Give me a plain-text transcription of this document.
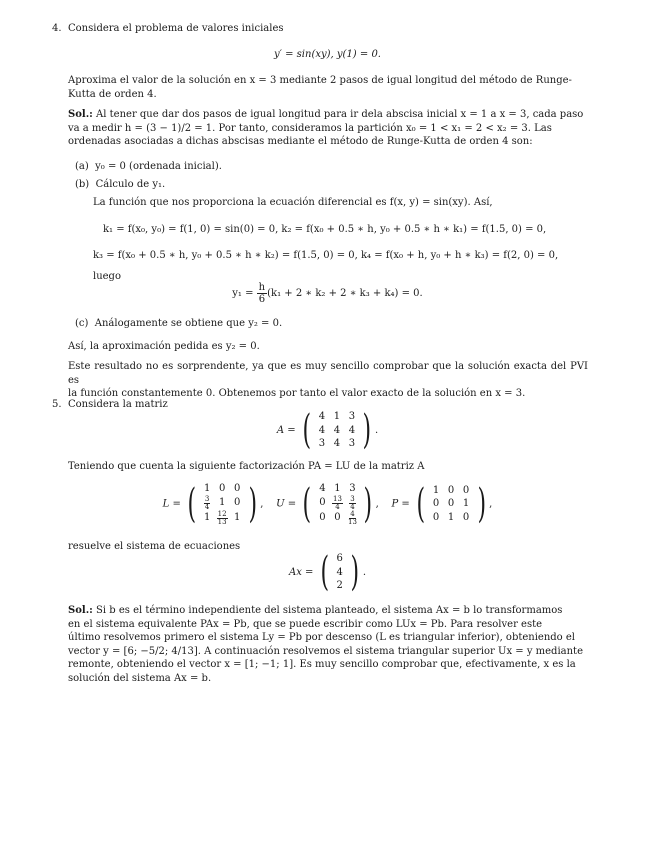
4. Considera el problema de valores iniciales
y′ = sin(xy), y(1) = 0.
Aproxima el valor de la solución en x = 3 mediante 2 pasos de igual longitud del método de Runge-
Kutta de orden 4.
Sol.: Al tener que dar dos pasos de igual longitud para ir dela abscisa inicial x = 1 a x = 3, cada paso
va a medir h = (3 − 1)/2 = 1. Por tanto, consideramos la partición x₀ = 1 < x₁ = 2 < x₂ = 3. Las
ordenadas asociadas a dichas abscisas mediante el método de Runge-Kutta de orden 4 son:
(a) y₀ = 0 (ordenada inicial).
(b) Cálculo de y₁.
La función que nos proporciona la ecuación diferencial es f(x, y) = sin(xy). Así,
k₁ = f(x₀, y₀) = f(1, 0) = sin(0) = 0, k₂ = f(x₀ + 0.5 ∗ h, y₀ + 0.5 ∗ h ∗ k₁) = f(1.5, 0) = 0,
k₃ = f(x₀ + 0.5 ∗ h, y₀ + 0.5 ∗ h ∗ k₂) = f(1.5, 0) = 0, k₄ = f(x₀ + h, y₀ + h ∗ k₃) = f(2, 0) = 0,
luego
$y_1 = \frac{h}{6} (k_1 + 2$ ∗ k₂ + 2 ∗ k₃ + k₄) = 0.
(c) Análogamente se obtiene que y₂ = 0.
Así, la aproximación pedida es y₂ = 0.
Este resultado no es sorprendente, ya que es muy sencillo comprobar que la solución exacta del PVI es
la función constantemente 0. Obtenemos por tanto el valor exacto de la solución en x = 3.
5. Considera la matriz
A = ( 4 1 3
4 4 4
3 4 3 ) .
Teniendo que cuenta la siguiente factorización PA = LU de la matriz A
L = ( 1 0 0
$\frac{3}{4} 1$ 0
$1 \frac{12}{13} 1$ ) , U = ( 4 1 3
$0 \frac{13}{4} \frac{3}{4}$
0 0	$\frac{4}{13}$ ) , P = ( 1 0 0
0 0 1
0 1 0 ) ,
resuelve el sistema de ecuaciones
Ax = ( 6
4
2 ) .
Sol.: Si b es el término independiente del sistema planteado, el sistema Ax = b lo transformamos
en el sistema equivalente PAx = Pb, que se puede escribir como LUx = Pb. Para resolver este
último resolvemos primero el sistema Ly = Pb por descenso (L es triangular inferior), obteniendo el
vector y = [6; −5/2; 4/13]. A continuación resolvemos el sistema triangular superior Ux = y mediante
remonte, obteniendo el vector x = [1; −1; 1]. Es muy sencillo comprobar que, efectivamente, x es la
solución del sistema Ax = b.
